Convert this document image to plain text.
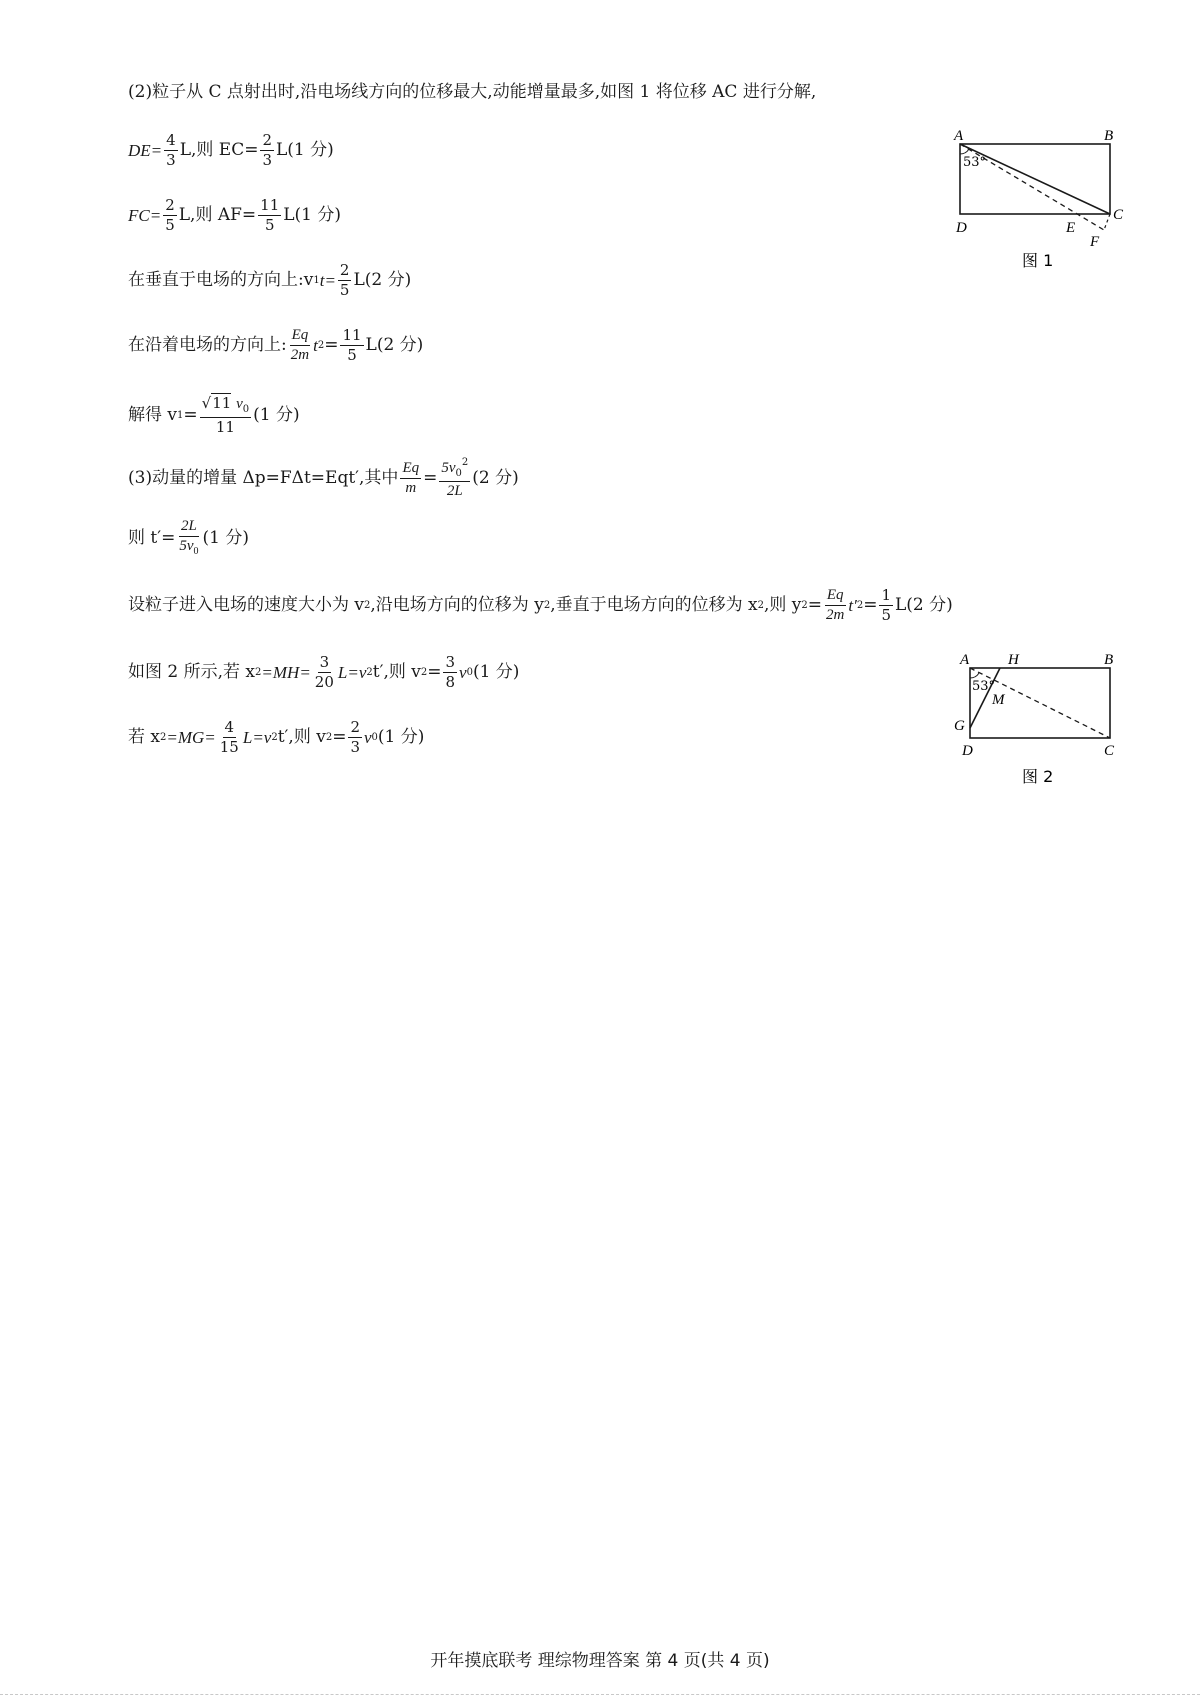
(2)粒子从 C 点射出时,沿电场线方向的位移最大,动能增量最多,如图 1 将位移 AC 进行分解,
$DE= \frac{4}{3} L$,则 $EC= \frac{2}{3} L(1$ 分)
$FC= \frac{2}{5} L$,则 $AF= \frac{11}{5} L(1$ 分)
在垂直于电场的方向上:v 1 $t= \frac{2}{5} L(2$ 分)
在沿着电场的方向上: $\frac{Eq}{2m}$ t $2 = \frac{11}{5} L(2$ 分)
解得 v $1 = \frac{√11 v_0}{11} (1$ 分)
(3)动量的增量 Δp=FΔt=Eqt′,其中 $\frac{Eq}{m} = \frac{5v_0^2}{2L} (2$ 分)
则 $t'= \frac{2L}{5v_0} (1$ 分)
设粒子进入电场的速度大小为 v 2 ,沿电场方向的位移为 y 2 ,垂直于电场方向的位移为 x 2 ,则 y $2 = \frac{Eq}{2m} t'$ $2 = \frac{1}{5} L(2$ 分)
如图 2 所示,若 x $2 =MH= \frac{3}{20} L=v$ 2 t′,则 v $2 = \frac{3}{8}$ v 0 (1 分)
若 x $2 =MG= \frac{4}{15} L=v$ 2 t′,则 v $2 = \frac{2}{3}$ v 0 (1 分)
A	B
C
D	E
F
53°
图 1
A	H	B
M
G
D	C
53°
图 2
开年摸底联考 理综物理答案 第 4 页(共 4 页)
